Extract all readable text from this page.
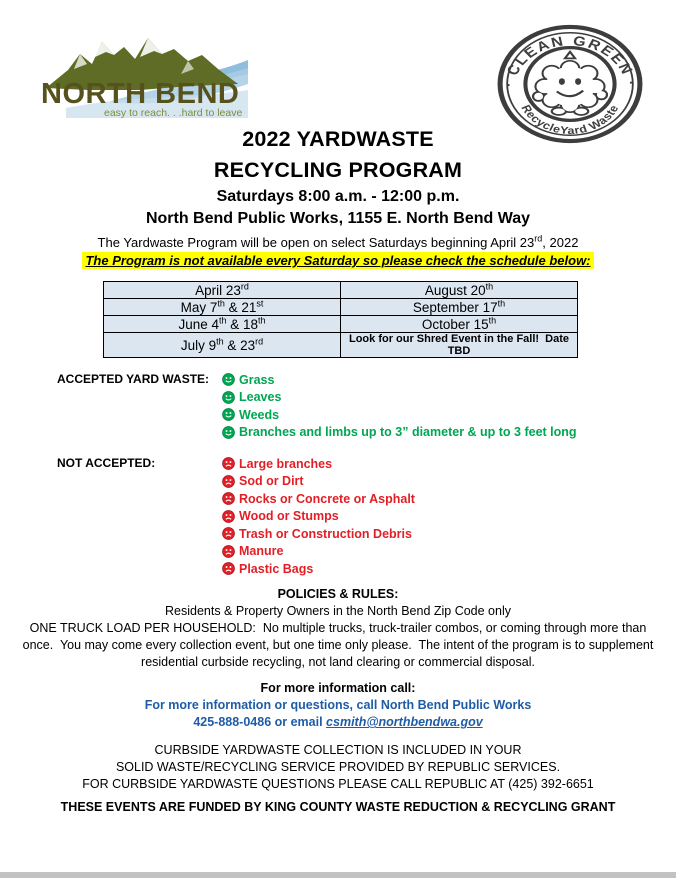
NORTH BEND
easy to reach. . .hard to leave
· CLEAN GREEN ·
RecycleYard Waste
2022 YARDWASTE
RECYCLING PROGRAM
Saturdays 8:00 a.m. - 12:00 p.m.
North Bend Public Works, 1155 E. North Bend Way
The Yardwaste Program will be open on select Saturdays beginning April 23rd, 2022
The Program is not available every Saturday so please check the schedule below:
April 23rd	August 20th
May 7th & 21st	September 17th
June 4th & 18th	October 15th
July 9th & 23rd	Look for our Shred Event in the Fall!  Date TBD
ACCEPTED YARD WASTE:	Grass
Leaves
Weeds
Branches and limbs up to 3” diameter & up to 3 feet long
NOT ACCEPTED:	Large branches
Sod or Dirt
Rocks or Concrete or Asphalt
Wood or Stumps
Trash or Construction Debris
Manure
Plastic Bags
POLICIES & RULES:
Residents & Property Owners in the North Bend Zip Code only
ONE TRUCK LOAD PER HOUSEHOLD:  No multiple trucks, truck-trailer combos, or coming through more than once.  You may come every collection event, but one time only please.  The intent of the program is to supplement residential curbside recycling, not land clearing or commercial disposal.
For more information call:
For more information or questions, call North Bend Public Works
425-888-0486 or email csmith@northbendwa.gov
CURBSIDE YARDWASTE COLLECTION IS INCLUDED IN YOUR
SOLID WASTE/RECYCLING SERVICE PROVIDED BY REPUBLIC SERVICES.
FOR CURBSIDE YARDWASTE QUESTIONS PLEASE CALL REPUBLIC AT (425) 392-6651
THESE EVENTS ARE FUNDED BY KING COUNTY WASTE REDUCTION & RECYCLING GRANT
